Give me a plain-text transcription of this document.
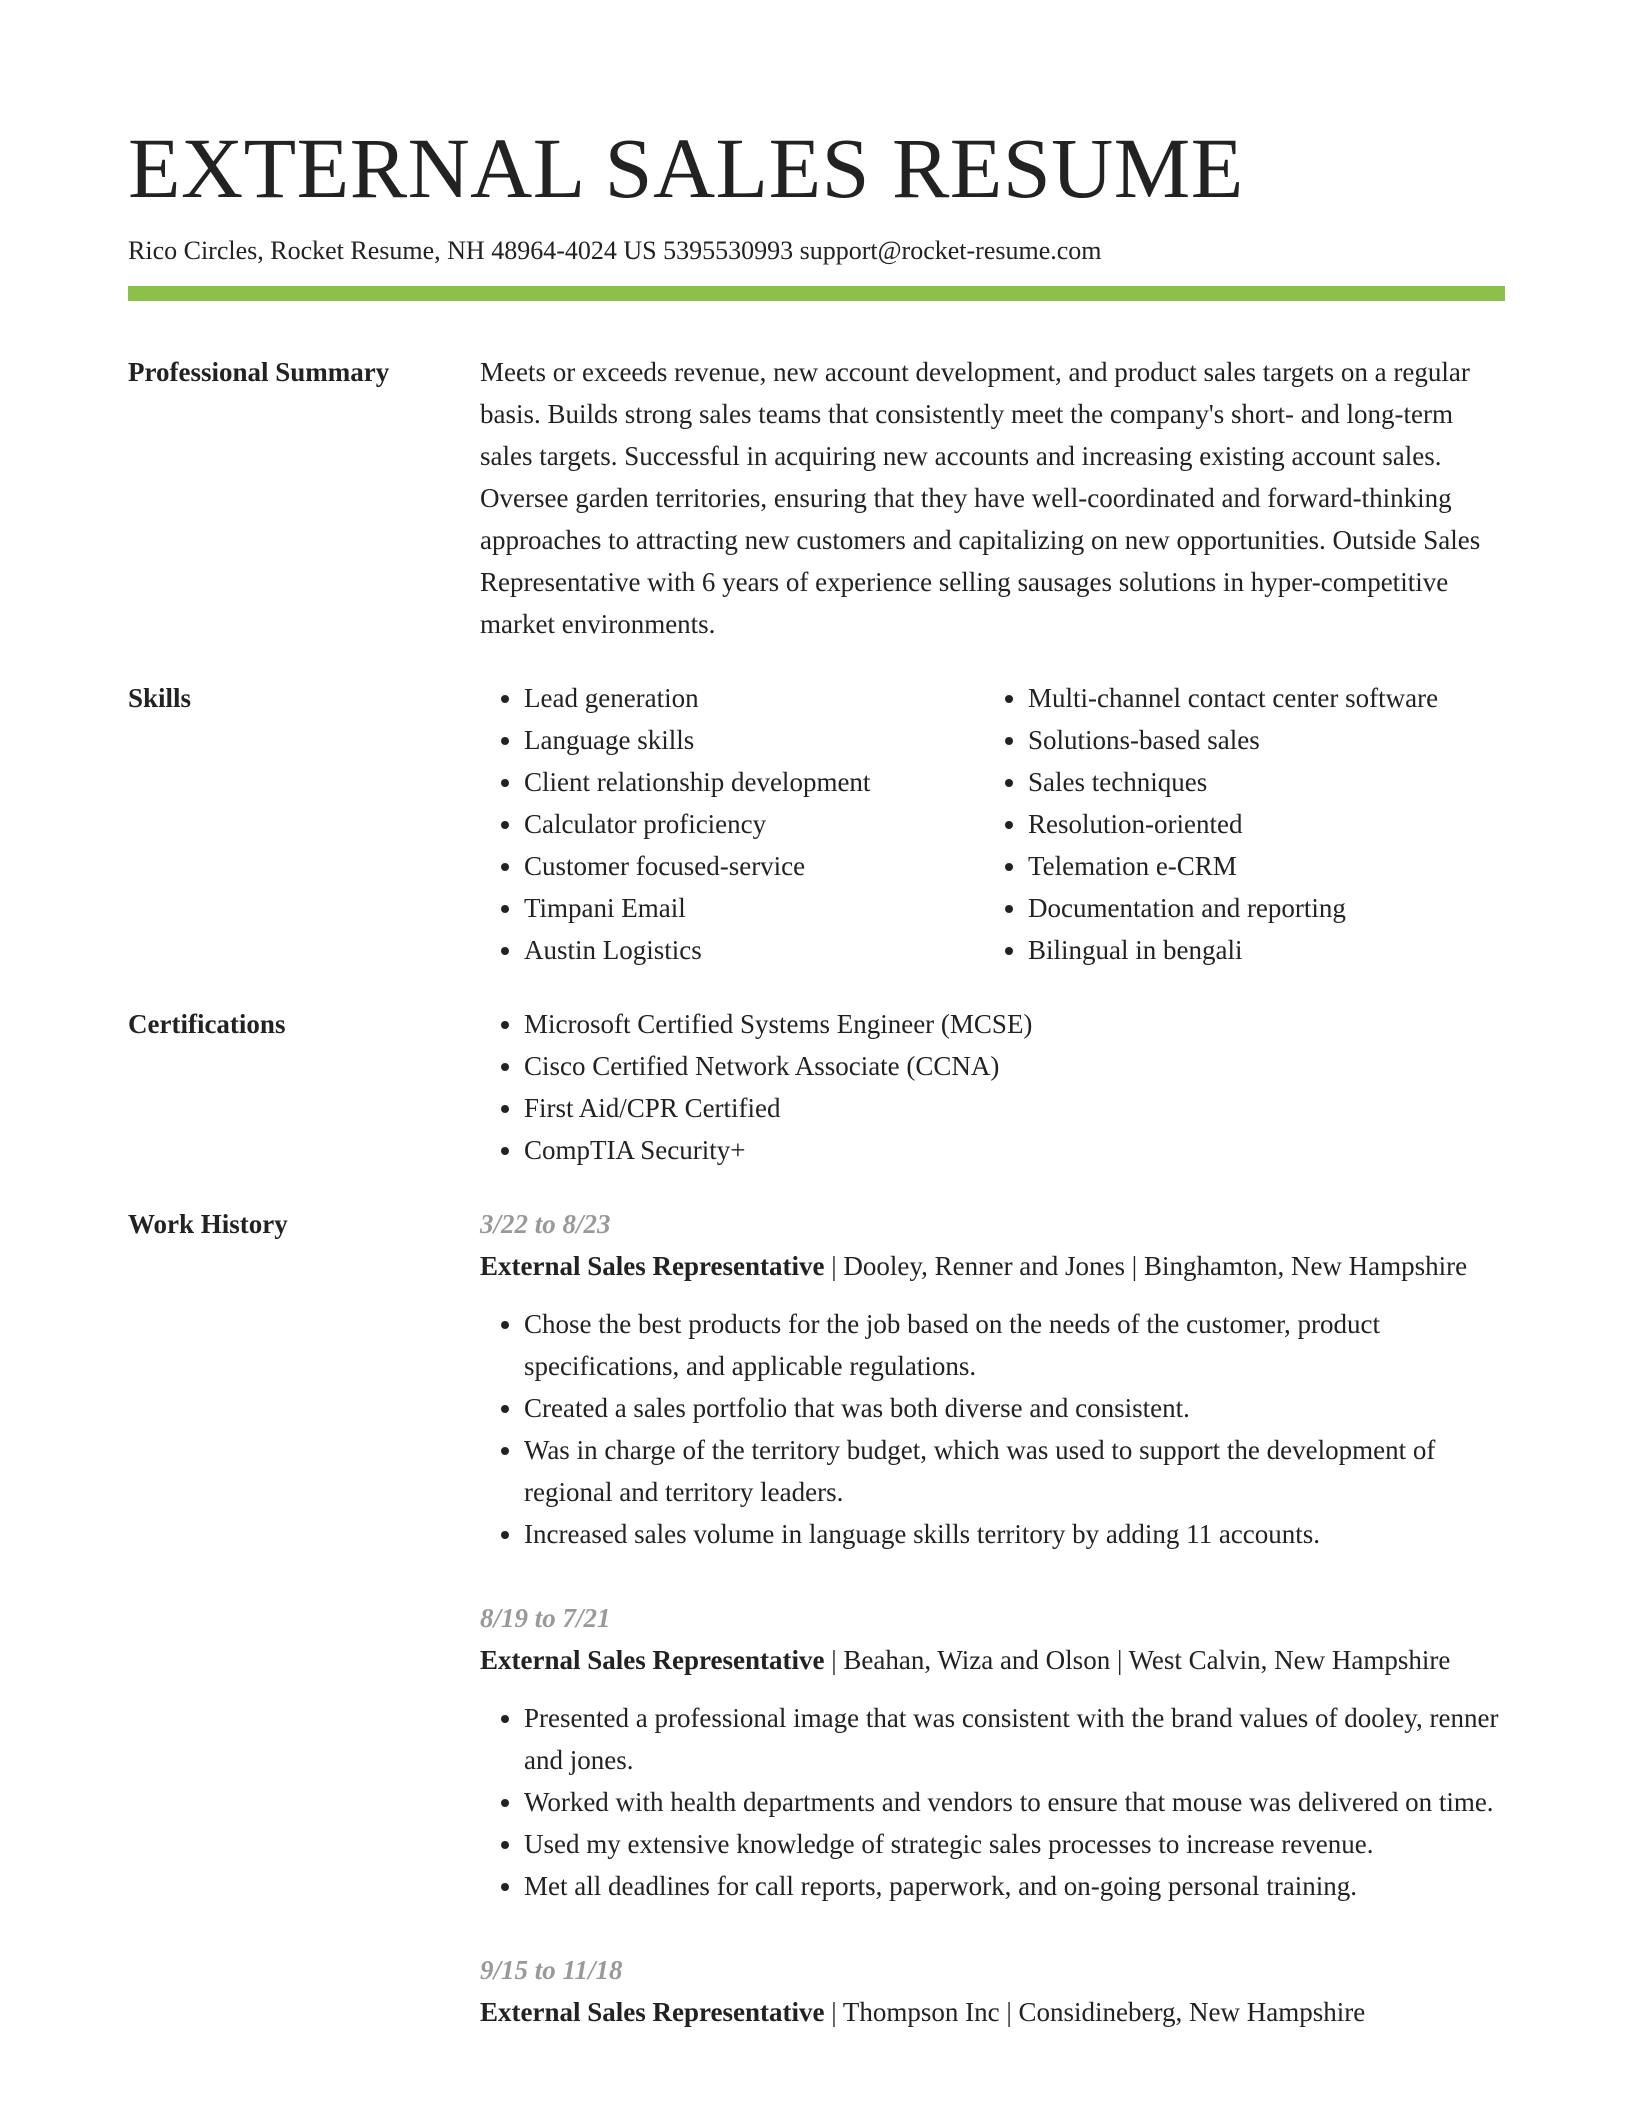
EXTERNAL SALES RESUME
Rico Circles, Rocket Resume, NH 48964-4024 US 5395530993 support@rocket-resume.com
Professional Summary	Meets or exceeds revenue, new account development, and product sales targets on a regular basis. Builds strong sales teams that consistently meet the company's short- and long-term sales targets. Successful in acquiring new accounts and increasing existing account sales. Oversee garden territories, ensuring that they have well-coordinated and forward-thinking approaches to attracting new customers and capitalizing on new opportunities. Outside Sales Representative with 6 years of experience selling sausages solutions in hyper-competitive market environments.

Skills	• Lead generation
• Language skills
• Client relationship development
• Calculator proficiency
• Customer focused-service
• Timpani Email
• Austin Logistics
• Multi-channel contact center software
• Solutions-based sales
• Sales techniques
• Resolution-oriented
• Telemation e-CRM
• Documentation and reporting
• Bilingual in bengali
Certifications	• Microsoft Certified Systems Engineer (MCSE)
• Cisco Certified Network Associate (CCNA)
• First Aid/CPR Certified
• CompTIA Security+
Work History	3/22 to 8/23
External Sales Representative | Dooley, Renner and Jones | Binghamton, New Hampshire
• Chose the best products for the job based on the needs of the customer, product specifications, and applicable regulations.
• Created a sales portfolio that was both diverse and consistent.
• Was in charge of the territory budget, which was used to support the development of regional and territory leaders.
• Increased sales volume in language skills territory by adding 11 accounts.
8/19 to 7/21
External Sales Representative | Beahan, Wiza and Olson | West Calvin, New Hampshire
• Presented a professional image that was consistent with the brand values of dooley, renner and jones.
• Worked with health departments and vendors to ensure that mouse was delivered on time.
• Used my extensive knowledge of strategic sales processes to increase revenue.
• Met all deadlines for call reports, paperwork, and on-going personal training.
9/15 to 11/18
External Sales Representative | Thompson Inc | Considineberg, New Hampshire
